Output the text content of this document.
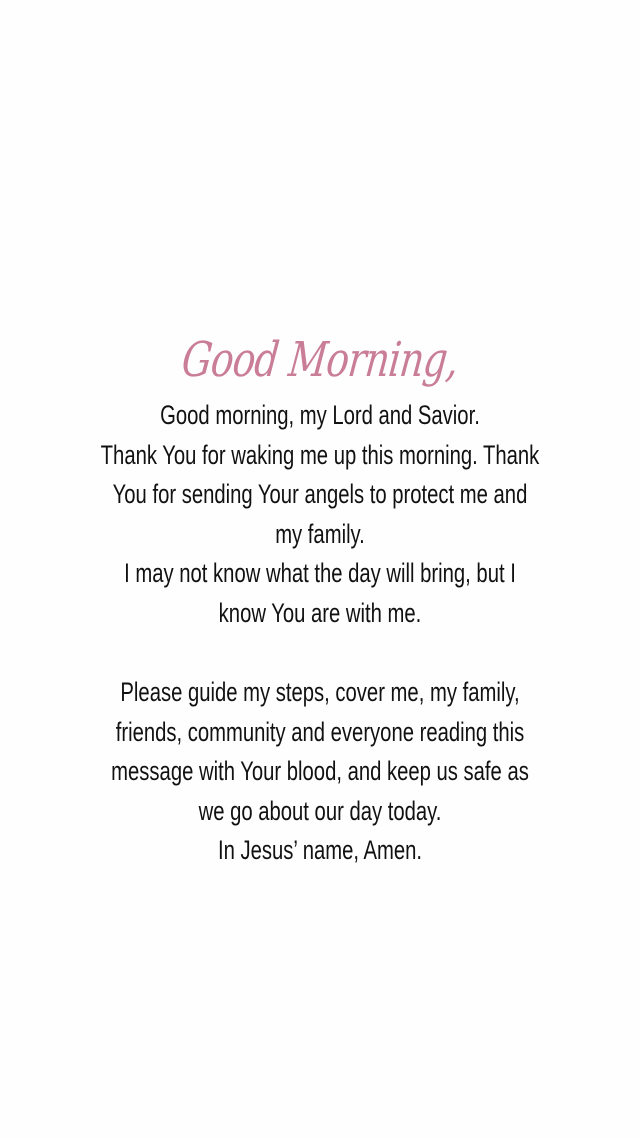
Good Morning,
Good morning, my Lord and Savior.
Thank You for waking me up this morning. Thank
You for sending Your angels to protect me and
my family.
I may not know what the day will bring, but I
know You are with me.
Please guide my steps, cover me, my family,
friends, community and everyone reading this
message with Your blood, and keep us safe as
we go about our day today.
In Jesus’ name, Amen.
